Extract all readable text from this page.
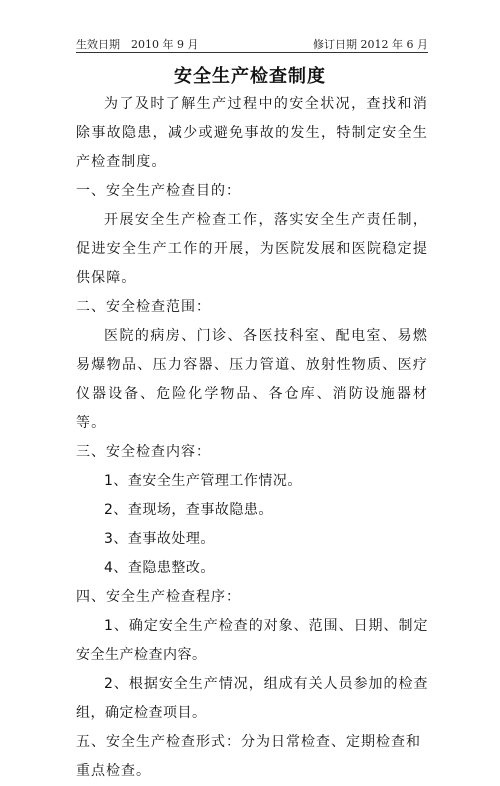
生效日期　2010 年 9 月	修订日期 2012 年 6 月
安全生产检查制度

为了及时了解生产过程中的安全状况，查找和消除事故隐患，减少或避免事故的发生，特制定安全生产检查制度。

一、安全生产检查目的：

开展安全生产检查工作，落实安全生产责任制，促进安全生产工作的开展，为医院发展和医院稳定提供保障。

二、安全检查范围：

医院的病房、门诊、各医技科室、配电室、易燃易爆物品、压力容器、压力管道、放射性物质、医疗仪器设备、危险化学物品、各仓库、消防设施器材等。

三、安全检查内容：

1、查安全生产管理工作情况。

2、查现场，查事故隐患。

3、查事故处理。

4、查隐患整改。

四、安全生产检查程序：

1、确定安全生产检查的对象、范围、日期、制定安全生产检查内容。

2、根据安全生产情况，组成有关人员参加的检查组，确定检查项目。

五、安全生产检查形式：分为日常检查、定期检查和重点检查。
